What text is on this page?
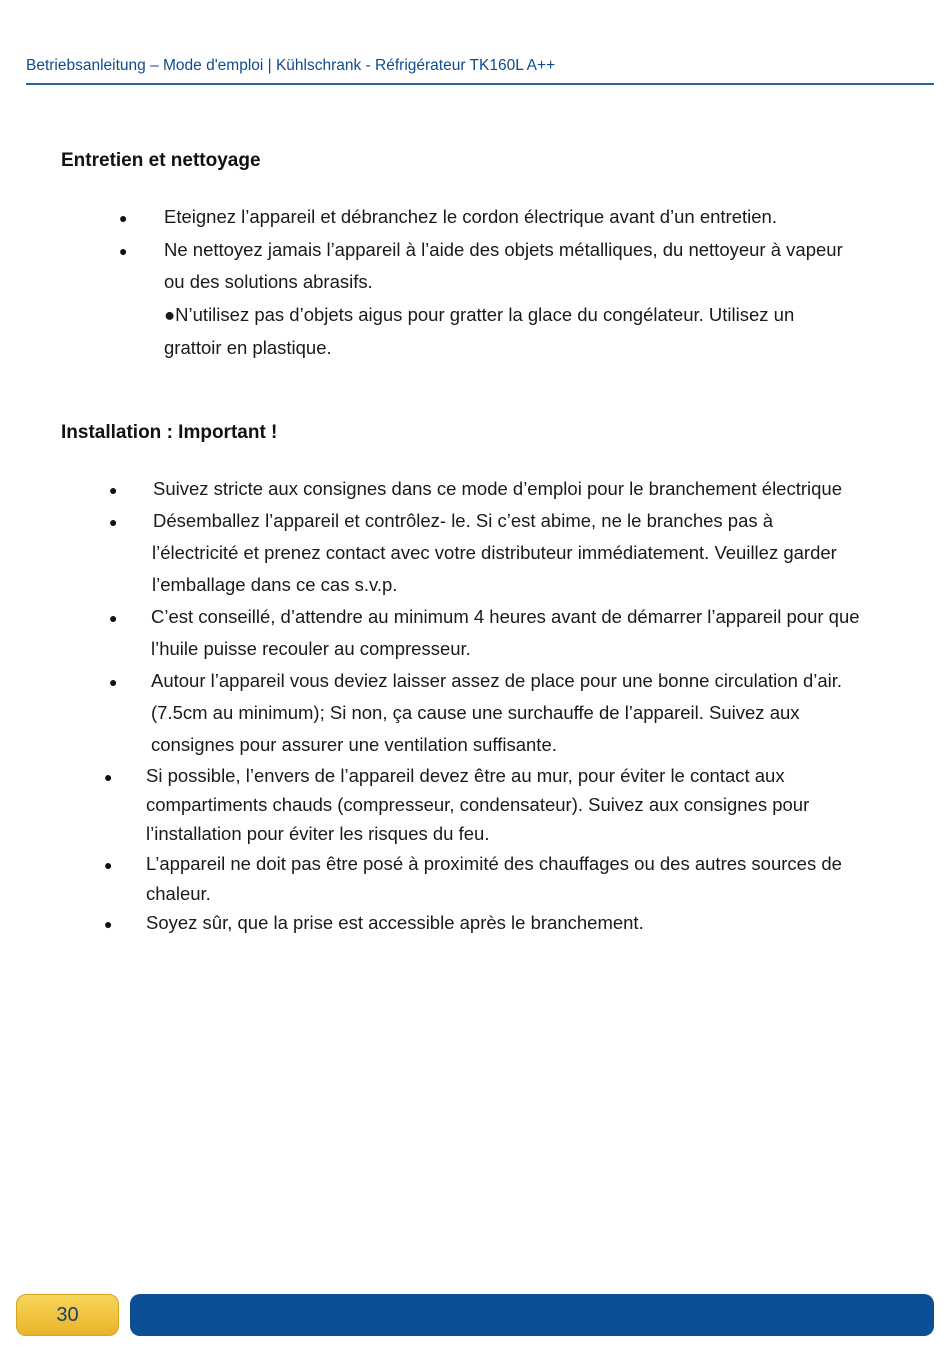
Betriebsanleitung – Mode d'emploi | Kühlschrank - Réfrigérateur TK160L A++
Entretien et nettoyage
● Eteignez l’appareil et débranchez le cordon électrique avant d’un entretien.
● Ne nettoyez jamais l’appareil à l’aide des objets métalliques, du nettoyeur à vapeur
ou des solutions abrasifs.
●N’utilisez pas d’objets aigus pour gratter la glace du congélateur. Utilisez un
grattoir en plastique.
Installation : Important !
● Suivez stricte aux consignes dans ce mode d’emploi pour le branchement électrique
● Désemballez l’appareil et contrôlez- le. Si c’est abime, ne le branches pas à
l’électricité et prenez contact avec votre distributeur immédiatement. Veuillez garder
l’emballage dans ce cas s.v.p.
● C’est conseillé, d’attendre au minimum 4 heures avant de démarrer l’appareil pour que
l’huile puisse recouler au compresseur.
● Autour l’appareil vous deviez laisser assez de place pour une bonne circulation d’air.
(7.5cm au minimum); Si non, ça cause une surchauffe de l’appareil. Suivez aux
consignes pour assurer une ventilation suffisante.
● Si possible, l’envers de l’appareil devez être au mur, pour éviter le contact aux
compartiments chauds (compresseur, condensateur). Suivez aux consignes pour
l’installation pour éviter les risques du feu.
● L’appareil ne doit pas être posé à proximité des chauffages ou des autres sources de
chaleur.
● Soyez sûr, que la prise est accessible après le branchement.
30
